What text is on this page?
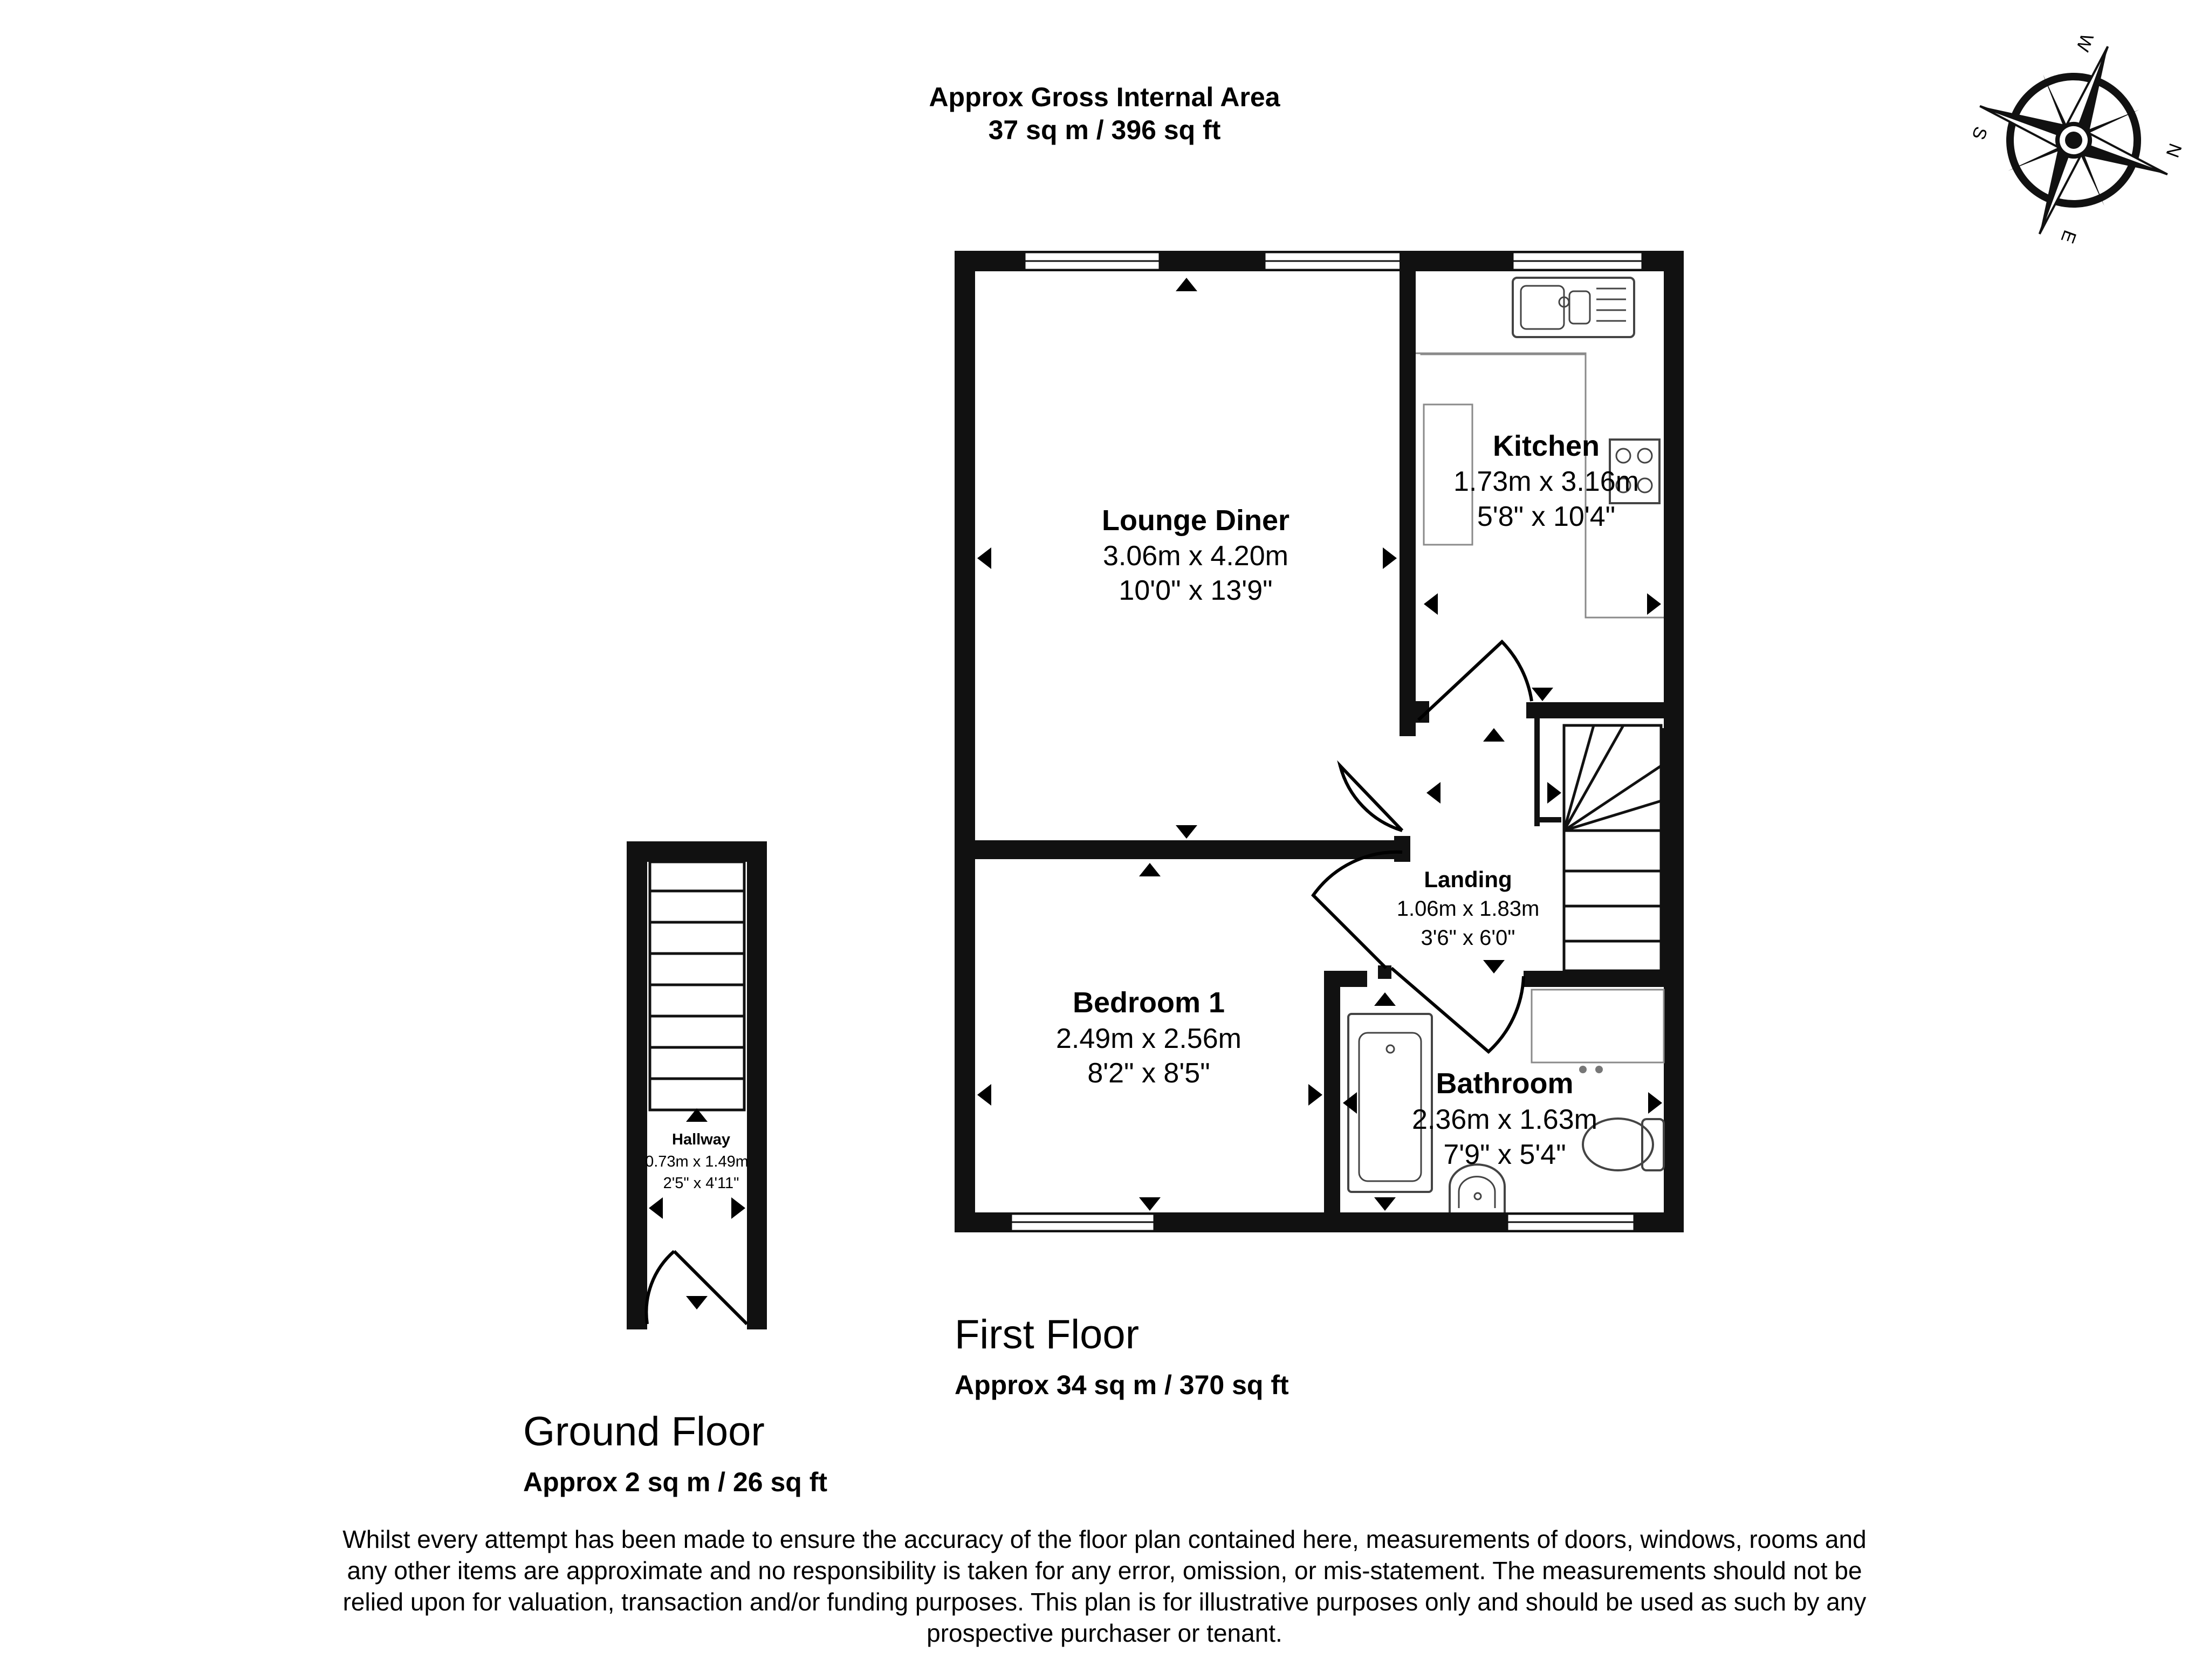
Approx Gross Internal Area
37 sq m / 396 sq ft
W
N
E
S
Lounge Diner
3.06m x 4.20m
10'0" x 13'9"
Kitchen
1.73m x 3.16m
5'8" x 10'4"
Landing
1.06m x 1.83m
3'6" x 6'0"
Bedroom 1
2.49m x 2.56m
8'2" x 8'5"	Bathroom
2.36m x 1.63m
7'9" x 5'4"
First Floor
Approx 34 sq m / 370 sq ft
Hallway
0.73m x 1.49m
2'5" x 4'11"
Ground Floor
Approx 2 sq m / 26 sq ft
Whilst every attempt has been made to ensure the accuracy of the floor plan contained here, measurements of doors, windows, rooms and
any other items are approximate and no responsibility is taken for any error, omission, or mis-statement. The measurements should not be
relied upon for valuation, transaction and/or funding purposes. This plan is for illustrative purposes only and should be used as such by any
prospective purchaser or tenant.
